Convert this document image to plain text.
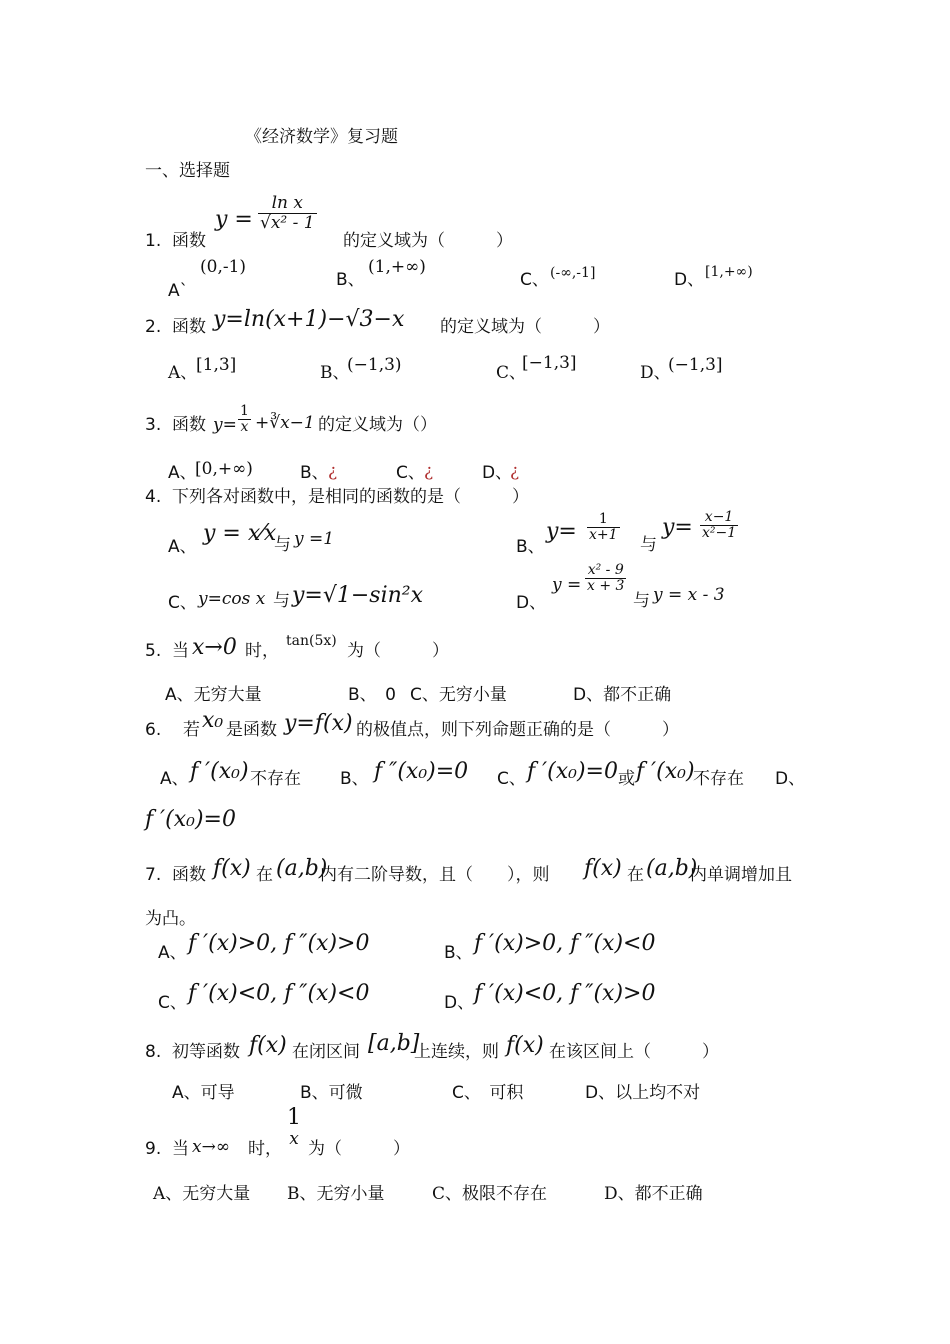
《经济数学》复习题
一、选择题
1. 函数
$y = \frac{\text{ln x}}{\text{√x² - 1}}$
的定义域为（　　　）
A`
(0,-1)
B、
(1,+∞)
C、 (-∞,-1]	D、 [1,+∞)
2. 函数 y=ln(x+1)−√3−x 的定义域为（　　　）
A、
[1,3]	B、
(−1,3)	C、
[−1,3]	D、
(−1,3]
3. 函数 $y= \frac{1}{x}$ +∛x−1 的定义域为（）
A、
[0,+∞)	B、 ¿	C、 ¿	D、
¿
4. 下列各对函数中，是相同的函数的是（　　　）
A、
y = x⁄x
与 y =1	B、
$y= \frac{1}{x+1}$
与
$y= \frac{x-1}{\text{x²−1}}$
C、 y=cos x 与 y=√1−sin²x	D、
$y = \frac{\text{x² - 9}}{x + 3}$
与 y = x - 3
5. 当 x→0 时， tan(5x) 为（　　　）
A、无穷大量	B、　0 C、无穷小量	D、都不正确
6. 若 x₀ 是函数 y=f(x) 的极值点，则下列命题正确的是（　　　）
A、 f ′(x₀) 不存在 B、 f ″(x₀)=0 C、 f ′(x₀)=0 或 f ′(x₀)
不存在 D、
f ′(x₀)=0
7. 函数 f(x) 在 (a,b)
内有二阶导数，且（　　），则 f(x) 在 (a,b)
内单调增加且
为凸。
A、 f ′(x)>0, f ″(x)>0	B、 f ′(x)>0, f ″(x)<0
C、 f ′(x)<0, f ″(x)<0	D、 f ′(x)<0, f ″(x)>0
8. 初等函数 f(x) 在闭区间 [a,b]
上连续，则 f(x) 在该区间上（　　　）
A、可导	B、可微	C、　可积	D、以上均不对
9. 当 x→∞ 时，
1
x 为（　　　）
A、无穷大量 B、无穷小量	C、极限不存在	D、都不正确
